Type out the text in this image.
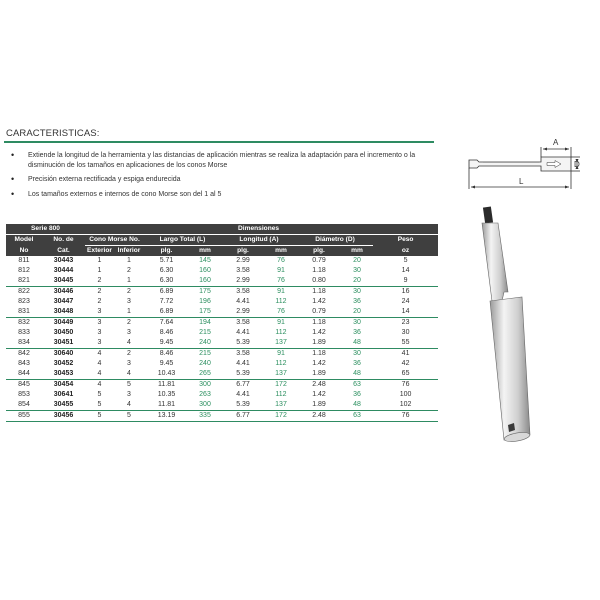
CARACTERISTICAS:
• Extiende la longitud de la herramienta y las distancias de aplicación mientras se realiza la adaptación para el incremento o la disminución de los tamaños en aplicaciones de los conos Morse
• Precisión externa rectificada y espiga endurecida
• Los tamaños externos e internos de cono Morse son del 1 al 5
Serie 800				Dimensiones						
Model	No. de	Cono Morse No.		Largo Total (L)		Longitud (A)		Diámetro (D)		Peso
No	Cat.	Exterior	Inferior	plg.	mm	plg.	mm	plg.	mm	oz
811	30443	1	1	5.71	145	2.99	76	0.79	20	5
812	30444	1	2	6.30	160	3.58	91	1.18	30	14
821	30445	2	1	6.30	160	2.99	76	0.80	20	9
822	30446	2	2	6.89	175	3.58	91	1.18	30	16
823	30447	2	3	7.72	196	4.41	112	1.42	36	24
831	30448	3	1	6.89	175	2.99	76	0.79	20	14
832	30449	3	2	7.64	194	3.58	91	1.18	30	23
833	30450	3	3	8.46	215	4.41	112	1.42	36	30
834	30451	3	4	9.45	240	5.39	137	1.89	48	55
842	30640	4	2	8.46	215	3.58	91	1.18	30	41
843	30452	4	3	9.45	240	4.41	112	1.42	36	42
844	30453	4	4	10.43	265	5.39	137	1.89	48	65
845	30454	4	5	11.81	300	6.77	172	2.48	63	76
853	30641	5	3	10.35	263	4.41	112	1.42	36	100
854	30455	5	4	11.81	300	5.39	137	1.89	48	102
855	30456	5	5	13.19	335	6.77	172	2.48	63	76
A
D
L
